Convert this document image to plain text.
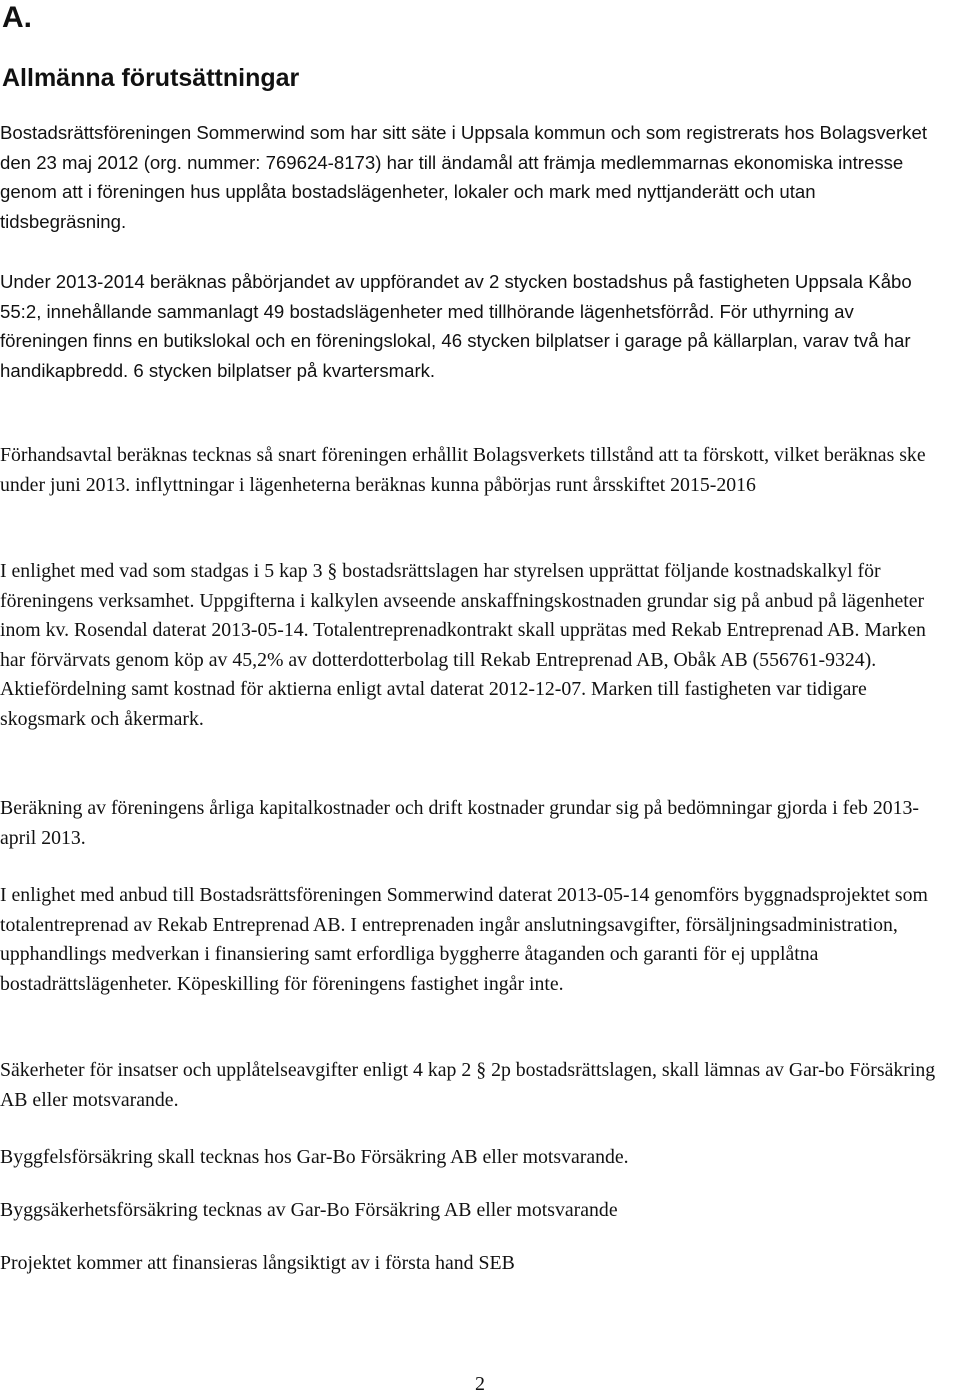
A.
Allmänna förutsättningar

Bostadsrättsföreningen Sommerwind som har sitt säte i Uppsala kommun och som registrerats hos Bolagsverket den 23 maj 2012 (org. nummer: 769624-8173) har till ändamål att främja medlemmarnas ekonomiska intresse genom att i föreningen hus upplåta bostadslägenheter, lokaler och mark med nyttjanderätt och utan tidsbegräsning.

Under 2013-2014 beräknas påbörjandet av uppförandet av 2 stycken bostadshus på fastigheten Uppsala Kåbo 55:2, innehållande sammanlagt 49 bostadslägenheter med tillhörande lägenhetsförråd. För uthyrning av föreningen finns en butikslokal och en föreningslokal, 46 stycken bilplatser i garage på källarplan, varav två har handikapbredd. 6 stycken bilplatser på kvartersmark.

Förhandsavtal beräknas tecknas så snart föreningen erhållit Bolagsverkets tillstånd att ta förskott, vilket beräknas ske under juni 2013. inflyttningar i lägenheterna beräknas kunna påbörjas runt årsskiftet 2015-2016

I enlighet med vad som stadgas i 5 kap 3 § bostadsrättslagen har styrelsen upprättat följande kostnadskalkyl för föreningens verksamhet. Uppgifterna i kalkylen avseende anskaffningskostnaden grundar sig på anbud på lägenheter inom kv. Rosendal daterat 2013-05-14. Totalentreprenadkontrakt skall upprätas med Rekab Entreprenad AB. Marken har förvärvats genom köp av 45,2% av dotterdotterbolag till Rekab Entreprenad AB, Obåk AB (556761-9324). Aktiefördelning samt kostnad för aktierna enligt avtal daterat 2012-12-07. Marken till fastigheten var tidigare skogsmark och åkermark.

Beräkning av föreningens årliga kapitalkostnader och drift kostnader grundar sig på bedömningar gjorda i feb 2013-april 2013.

I enlighet med anbud till Bostadsrättsföreningen Sommerwind daterat 2013-05-14 genomförs byggnadsprojektet som totalentreprenad av Rekab Entreprenad AB. I entreprenaden ingår anslutningsavgifter, försäljningsadministration, upphandlings medverkan i finansiering samt erfordliga byggherre åtaganden och garanti för ej upplåtna bostadrättslägenheter. Köpeskilling för föreningens fastighet ingår inte.

Säkerheter för insatser och upplåtelseavgifter enligt 4 kap 2 § 2p bostadsrättslagen, skall lämnas av Gar-bo Försäkring AB eller motsvarande.

Byggfelsförsäkring skall tecknas hos Gar-Bo Försäkring AB eller motsvarande.

Byggsäkerhetsförsäkring tecknas av Gar-Bo Försäkring AB eller motsvarande

Projektet kommer att finansieras långsiktigt av i första hand SEB

2
